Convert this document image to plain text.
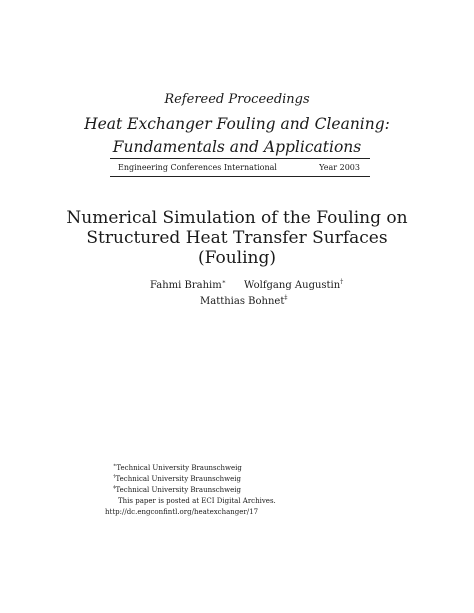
Refereed Proceedings
Heat Exchanger Fouling and Cleaning:
Fundamentals and Applications
Engineering Conferences International	Year 2003
Numerical Simulation of the Fouling on
Structured Heat Transfer Surfaces
(Fouling)
Fahmi Brahim∗ Wolfgang Augustin†
Matthias Bohnet‡
∗Technical University Braunschweig
†Technical University Braunschweig
‡Technical University Braunschweig
This paper is posted at ECI Digital Archives.
http://dc.engconfintl.org/heatexchanger/17
